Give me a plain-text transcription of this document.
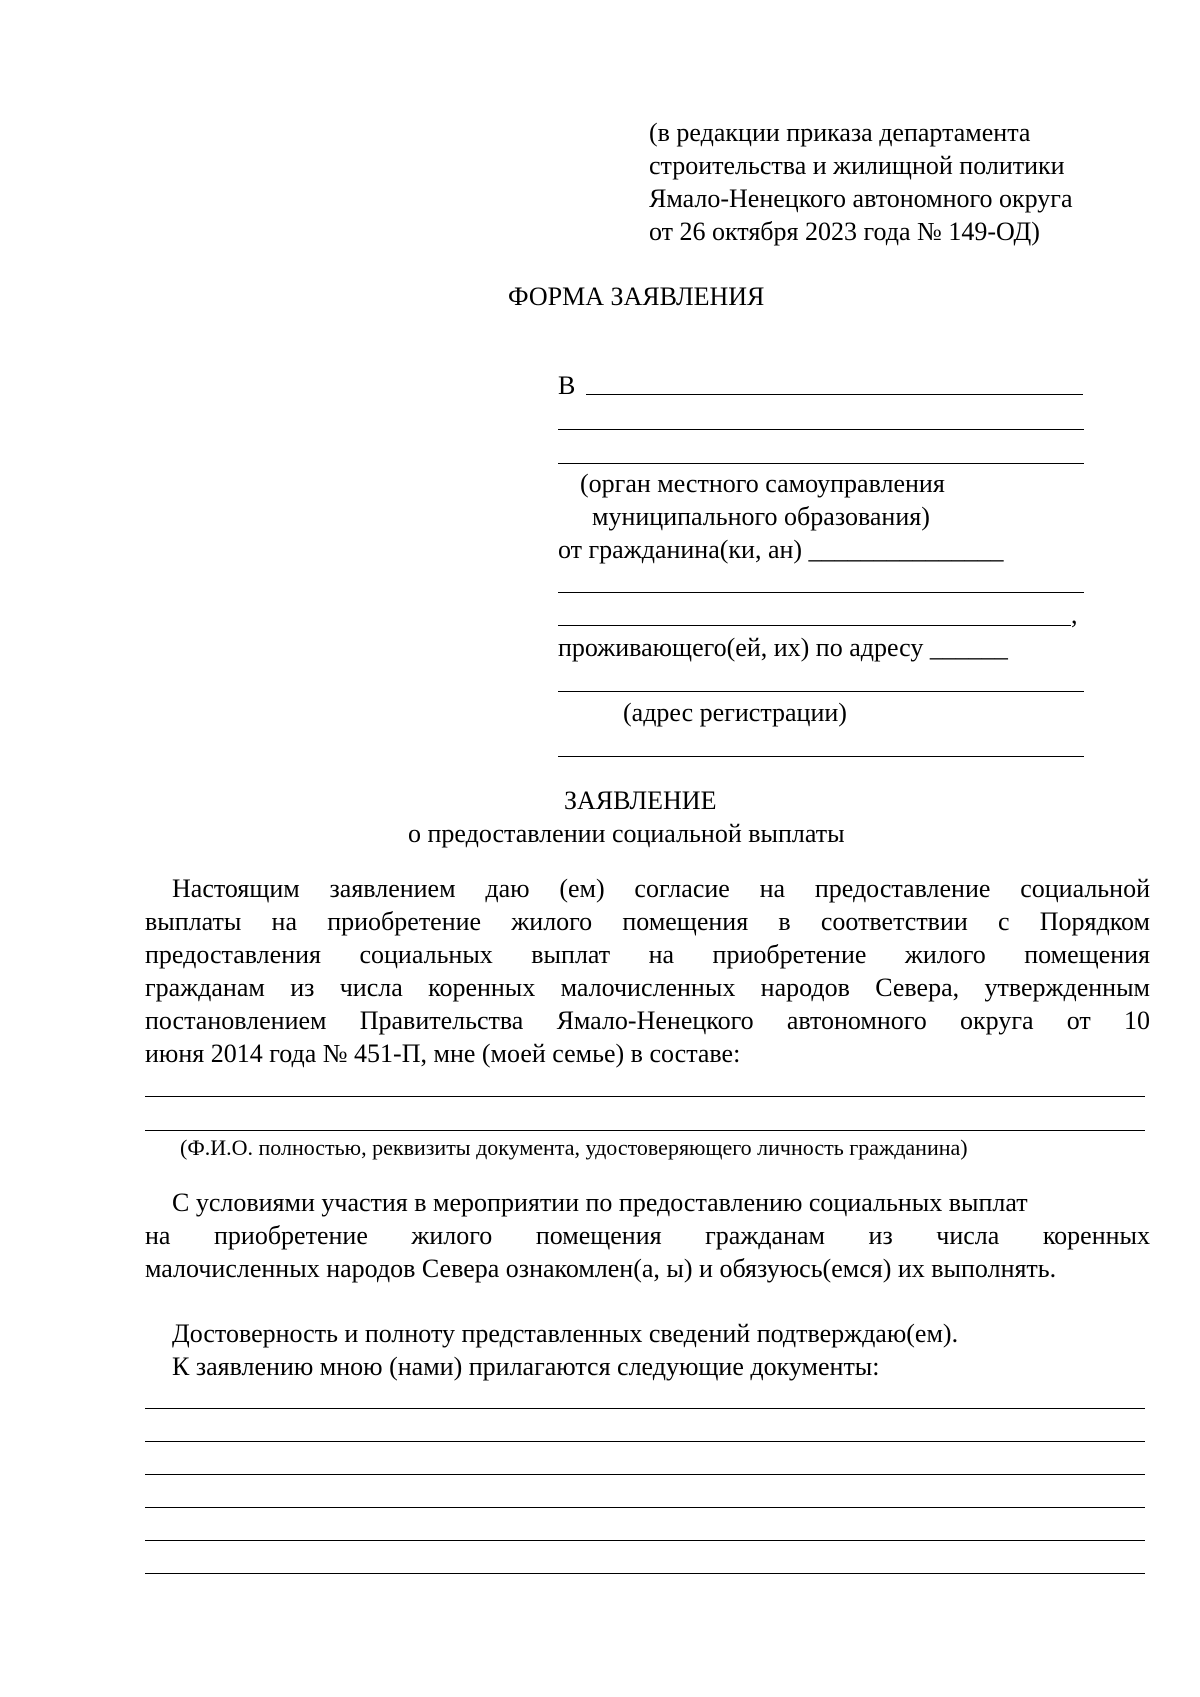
(в редакции приказа департамента
строительства и жилищной политики
Ямало-Ненецкого автономного округа
от 26 октября 2023 года № 149-ОД)
ФОРМА ЗАЯВЛЕНИЯ
В
(орган местного самоуправления
муниципального образования)
от гражданина(ки, ан) _______________
,
проживающего(ей, их) по адресу ______
(адрес регистрации)
ЗАЯВЛЕНИЕ
о предоставлении социальной выплаты
Настоящим заявлением даю (ем) согласие на предоставление социальной
выплаты на приобретение жилого помещения в соответствии с Порядком
предоставления социальных выплат на приобретение жилого помещения
гражданам из числа коренных малочисленных народов Севера, утвержденным
постановлением Правительства Ямало-Ненецкого автономного округа от 10
июня 2014 года № 451-П, мне (моей семье) в составе:
(Ф.И.О. полностью, реквизиты документа, удостоверяющего личность гражданина)
С условиями участия в мероприятии по предоставлению социальных выплат
на приобретение жилого помещения гражданам из числа коренных
малочисленных народов Севера ознакомлен(а, ы) и обязуюсь(емся) их выполнять.
Достоверность и полноту представленных сведений подтверждаю(ем).
К заявлению мною (нами) прилагаются следующие документы:
